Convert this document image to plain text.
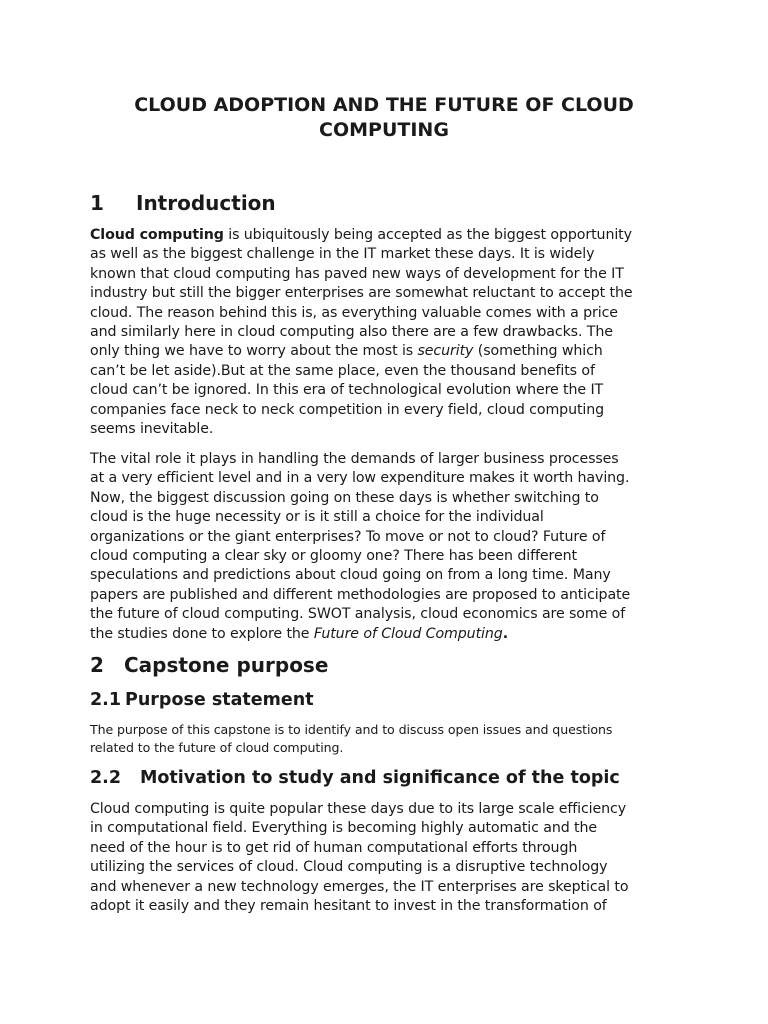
CLOUD ADOPTION AND THE FUTURE OF CLOUD
COMPUTING
1 Introduction

Cloud computing is ubiquitously being accepted as the biggest opportunity
as well as the biggest challenge in the IT market these days. It is widely
known that cloud computing has paved new ways of development for the IT
industry but still the bigger enterprises are somewhat reluctant to accept the
cloud. The reason behind this is, as everything valuable comes with a price
and similarly here in cloud computing also there are a few drawbacks. The
only thing we have to worry about the most is security (something which
can’t be let aside).But at the same place, even the thousand benefits of
cloud can’t be ignored. In this era of technological evolution where the IT
companies face neck to neck competition in every field, cloud computing
seems inevitable.

The vital role it plays in handling the demands of larger business processes
at a very efficient level and in a very low expenditure makes it worth having.
Now, the biggest discussion going on these days is whether switching to
cloud is the huge necessity or is it still a choice for the individual
organizations or the giant enterprises? To move or not to cloud? Future of
cloud computing a clear sky or gloomy one? There has been different
speculations and predictions about cloud going on from a long time. Many
papers are published and different methodologies are proposed to anticipate
the future of cloud computing. SWOT analysis, cloud economics are some of
the studies done to explore the Future of Cloud Computing.

2 Capstone purpose
2.1 Purpose statement

The purpose of this capstone is to identify and to discuss open issues and questions
related to the future of cloud computing.

2.2 Motivation to study and significance of the topic

Cloud computing is quite popular these days due to its large scale efficiency
in computational field. Everything is becoming highly automatic and the
need of the hour is to get rid of human computational efforts through
utilizing the services of cloud. Cloud computing is a disruptive technology
and whenever a new technology emerges, the IT enterprises are skeptical to
adopt it easily and they remain hesitant to invest in the transformation of
